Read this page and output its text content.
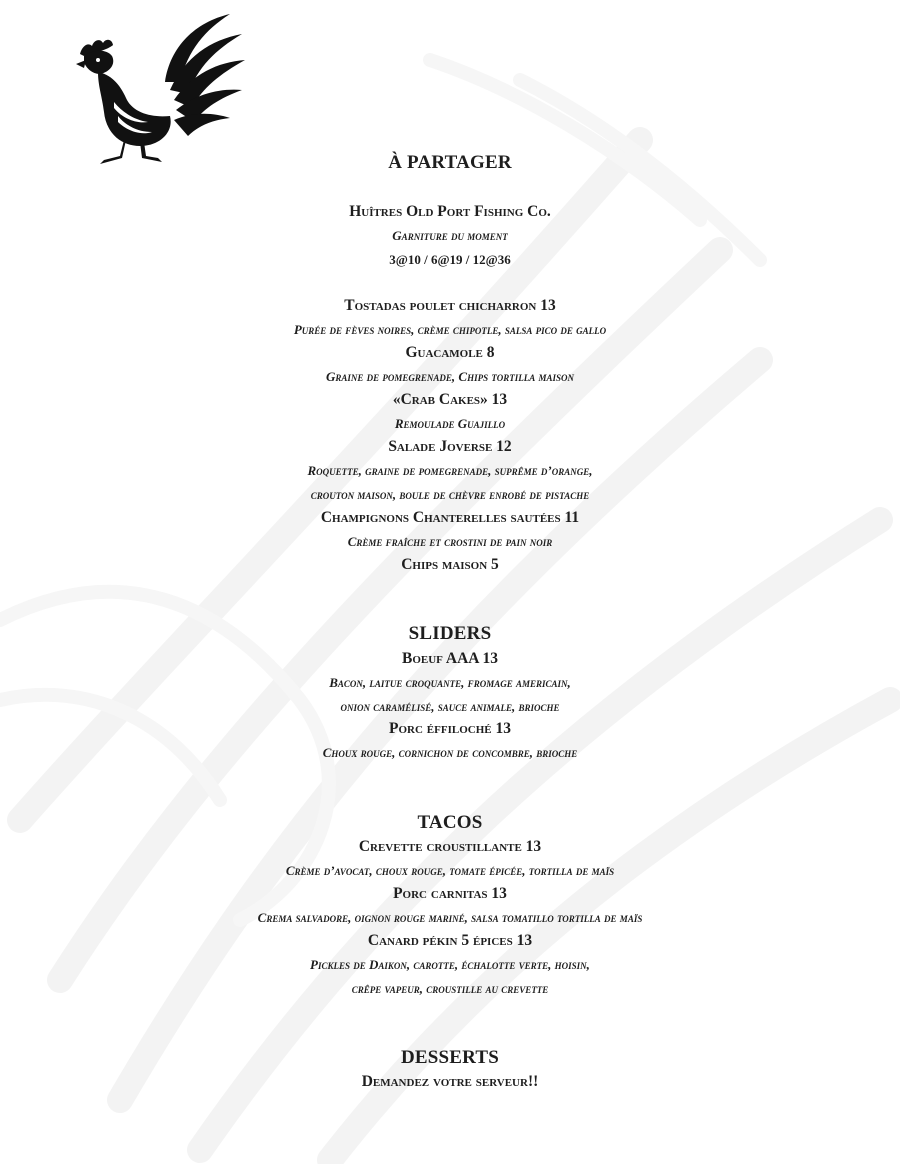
À PARTAGER
Huîtres Old Port Fishing Co.
Garniture du moment
3@10 / 6@19 / 12@36
Tostadas poulet chicharron 13
Purée de fèves noires, crème chipotle, salsa pico de gallo
Guacamole 8
Graine de pomegrenade, Chips tortilla maison
«Crab Cakes» 13
Remoulade Guajillo
Salade Joverse 12
Roquette, graine de pomegrenade, suprême d’orange,
crouton maison, boule de chèvre enrobé de pistache
Champignons Chanterelles sautées 11
Crème fraîche et crostini de pain noir
Chips maison 5
SLIDERS
Boeuf AAA 13
Bacon, laitue croquante, fromage americain,
onion caramélisé, sauce animale, brioche
Porc éffiloché 13
Choux rouge, cornichon de concombre, brioche
TACOS
Crevette croustillante 13
Crème d’avocat, choux rouge, tomate épicée, tortilla de maïs
Porc carnitas 13
Crema salvadore, oignon rouge mariné, salsa tomatillo tortilla de maïs
Canard pékin 5 épices 13
Pickles de Daikon, carotte, échalotte verte, hoisin,
crêpe vapeur, croustille au crevette
DESSERTS
Demandez votre serveur!!
